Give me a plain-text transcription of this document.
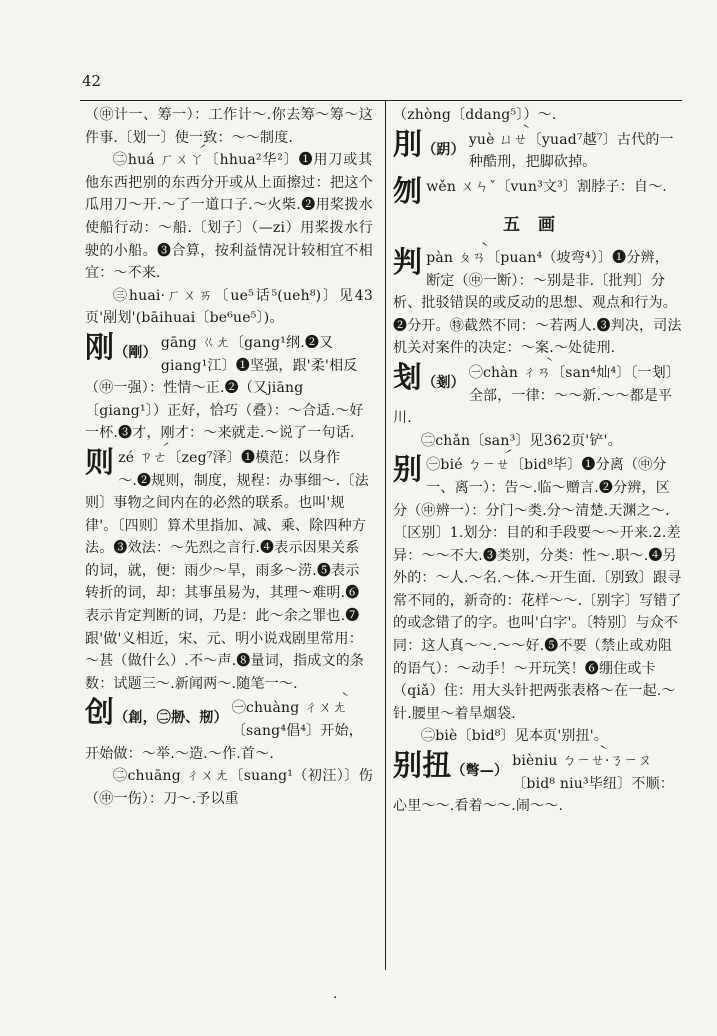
42

（㊥计一、筹一）：工作计～.你去筹～筹～这件事.〔划一〕使一致：～～制度.

㊁huá ㄏㄨㄚ́〔hhua²华²〕❶用刀或其他东西把别的东西分开或从上面擦过：把这个瓜用刀～开.～了一道口子.～火柴.❷用桨拨水使船行动：～船.〔划子〕（—zi）用桨拨水行驶的小船。❸合算，按利益情况计较相宜不相宜：～不来.

㊂huai·ㄏㄨㄞ〔ue⁵话⁵(ueh⁸)〕见43页'剐划'(bāihuai〔be⁶ue⁵〕)。

刚（剛）
gāng ㄍㄤ〔gang¹纲.❷又giang¹江〕❶坚强，跟'柔'相反（㊥一强）：性情～正.❷（又jiāng〔giang¹〕）正好，恰巧（叠）：～合适.～好一杯.❸才，刚才：～来就走.～说了一句话.
则 zé ㄗㄜ́〔zeg⁷泽〕❶模范：以身作～.❷规则，制度，规程：办事细～.〔法则〕事物之间内在的必然的联系。也叫'规律'。〔四则〕算术里指加、减、乘、除四种方法。❸效法：～先烈之言行.❹表示因果关系的词，就，便：雨少～旱，雨多～涝.❺表示转折的词，却：其事虽易为，其理～难明.❻表示肯定判断的词，乃是：此～余之罪也.❼跟'做'义相近，宋、元、明小说戏剧里常用：～甚（做什么）.不～声.❽量词，指成文的条数：试题三～.新闻两～.随笔一～.
创（創，㊁刱、剏）
㊀chuàng ㄔㄨㄤ̀〔sang⁴倡⁴〕开始，开始做：～举.～造.～作.首～.

㊁chuāng ㄔㄨㄤ〔suang¹（初汪）〕伤（㊥一伤）：刀～.予以重

（zhòng〔ddang⁵〕）～.

刖（跀）
yuè ㄩㄝ̀〔yuad⁷越⁷〕古代的一种酷刑，把脚砍掉。
刎 wěn ㄨㄣˇ〔vun³文³〕割脖子：自～.
五画
判 pàn ㄆㄢ̀〔puan⁴（坡弯⁴）〕❶分辨，断定（㊥一断）：～别是非.〔批判〕分析、批驳错误的或反动的思想、观点和行为。❷分开。㊕截然不同：～若两人.❸判决，司法机关对案件的决定：～案.～处徒刑.
刬（剗）
㊀chàn ㄔㄢ̀〔san⁴灿⁴〕〔一刬〕全部，一律：～～新.～～都是平川.

㊁chǎn〔san³〕见362页'铲'。

别 ㊀bié ㄅㄧㄝ́〔bid⁸毕〕❶分离（㊥分一、离一）：告～.临～赠言.❷分辨，区分（㊥辨一）：分门～类.分～清楚.天渊之～.〔区别〕1.划分：目的和手段要～～开来.2.差异：～～不大.❸类别，分类：性～.职～.❹另外的：～人.～名.～体.～开生面.〔别致〕跟寻常不同的，新奇的：花样～～.〔别字〕写错了的或念错了的字。也叫'白字'。〔特别〕与众不同：这人真～～.～～好.❺不要（禁止或劝阻的语气）：～动手！～开玩笑！❻绷住或卡（qiǎ）住：用大头针把两张表格～在一起.～针.腰里～着旱烟袋.

㊁biè〔bid⁸〕见本页'别扭'。

别扭（彆—）
bièniu ㄅㄧㄝ̀·ㄋㄧㄡ〔bid⁸ niu³毕纽〕不顺：心里～～.看着～～.闹～～.
·
